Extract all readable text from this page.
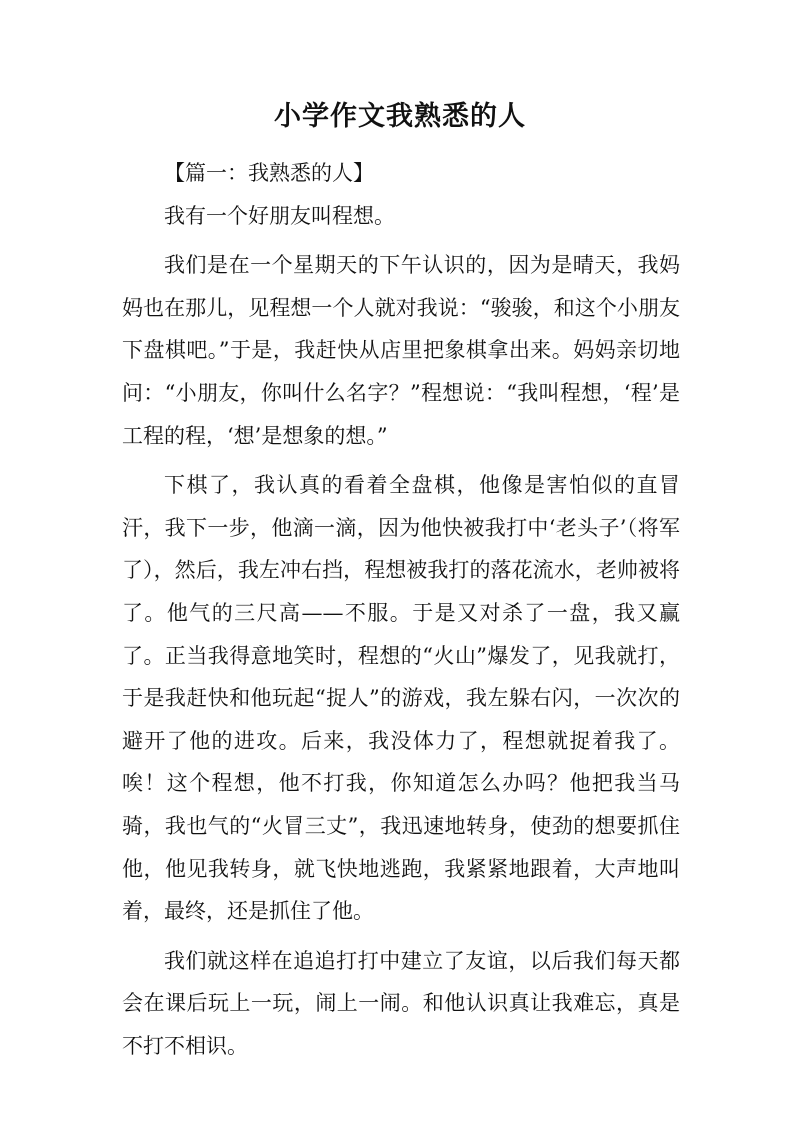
小学作文我熟悉的人

【篇一：我熟悉的人】

我有一个好朋友叫程想。

我们是在一个星期天的下午认识的，因为是晴天，我妈妈也在那儿，见程想一个人就对我说：“骏骏，和这个小朋友下盘棋吧。”于是，我赶快从店里把象棋拿出来。妈妈亲切地问：“小朋友，你叫什么名字？”程想说：“我叫程想，‘程’是工程的程，‘想’是想象的想。”

下棋了，我认真的看着全盘棋，他像是害怕似的直冒汗，我下一步，他滴一滴，因为他快被我打中‘老头子’（将军了），然后，我左冲右挡，程想被我打的落花流水，老帅被将了。他气的三尺高——不服。于是又对杀了一盘，我又赢了。正当我得意地笑时，程想的“火山”爆发了，见我就打，于是我赶快和他玩起“捉人”的游戏，我左躲右闪，一次次的避开了他的进攻。后来，我没体力了，程想就捉着我了。唉！这个程想，他不打我，你知道怎么办吗？他把我当马骑，我也气的“火冒三丈”，我迅速地转身，使劲的想要抓住他，他见我转身，就飞快地逃跑，我紧紧地跟着，大声地叫着，最终，还是抓住了他。

我们就这样在追追打打中建立了友谊，以后我们每天都会在课后玩上一玩，闹上一闹。和他认识真让我难忘，真是不打不相识。
